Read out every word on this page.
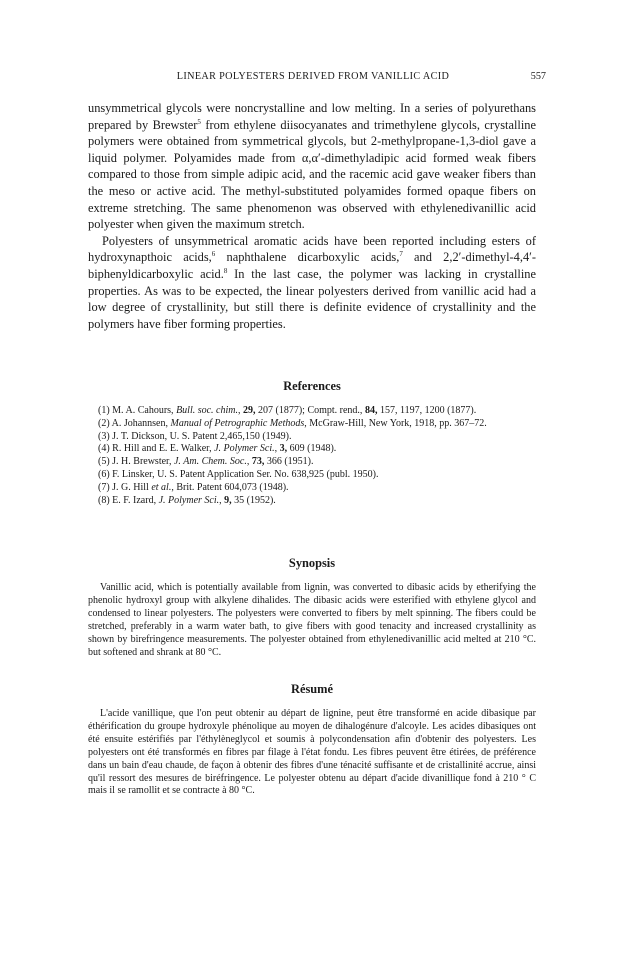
LINEAR POLYESTERS DERIVED FROM VANILLIC ACID	557

unsymmetrical glycols were noncrystalline and low melting. In a series of polyurethans prepared by Brewster$^5$ from ethylene diisocyanates and trimethylene glycols, crystalline polymers were obtained from symmetrical glycols, but 2-methylpropane-1,3-diol gave a liquid polymer. Polyamides made from α,α′-dimethyladipic acid formed weak fibers compared to those from simple adipic acid, and the racemic acid gave weaker fibers than the meso or active acid. The methyl-substituted polyamides formed opaque fibers on extreme stretching. The same phenomenon was observed with ethylenedivanillic acid polyester when given the maximum stretch.

Polyesters of unsymmetrical aromatic acids have been reported including esters of hydroxynapthoic acids,$^6$ naphthalene dicarboxylic acids,$^7$ and 2,2′-dimethyl-4,4′-biphenyldicarboxylic acid.$^8$ In the last case, the polymer was lacking in crystalline properties. As was to be expected, the linear polyesters derived from vanillic acid had a low degree of crystallinity, but still there is definite evidence of crystallinity and the polymers have fiber forming properties.

References

(1) M. A. Cahours, Bull. soc. chim., 29, 207 (1877); Compt. rend., 84, 157, 1197, 1200 (1877).

(2) A. Johannsen, Manual of Petrographic Methods, McGraw-Hill, New York, 1918, pp. 367–72.

(3) J. T. Dickson, U. S. Patent 2,465,150 (1949).

(4) R. Hill and E. E. Walker, J. Polymer Sci., 3, 609 (1948).

(5) J. H. Brewster, J. Am. Chem. Soc., 73, 366 (1951).

(6) F. Linsker, U. S. Patent Application Ser. No. 638,925 (publ. 1950).

(7) J. G. Hill et al., Brit. Patent 604,073 (1948).

(8) E. F. Izard, J. Polymer Sci., 9, 35 (1952).

Synopsis

Vanillic acid, which is potentially available from lignin, was converted to dibasic acids by etherifying the phenolic hydroxyl group with alkylene dihalides. The dibasic acids were esterified with ethylene glycol and condensed to linear polyesters. The polyesters were converted to fibers by melt spinning. The fibers could be stretched, preferably in a warm water bath, to give fibers with good tenacity and increased crystallinity as shown by birefringence measurements. The polyester obtained from ethylenedivanillic acid melted at 210 °C. but softened and shrank at 80 °C.

Résumé

L'acide vanillique, que l'on peut obtenir au départ de lignine, peut être transformé en acide dibasique par éthérification du groupe hydroxyle phénolique au moyen de dihalogénure d'alcoyle. Les acides dibasiques ont été ensuite estérifiés par l'éthylèneglycol et soumis à polycondensation afin d'obtenir des polyesters. Les polyesters ont été transformés en fibres par filage à l'état fondu. Les fibres peuvent être étirées, de préférence dans un bain d'eau chaude, de façon à obtenir des fibres d'une ténacité suffisante et de cristallinité accrue, ainsi qu'il ressort des mesures de biréfringence. Le polyester obtenu au départ d'acide divanillique fond à 210 ° C mais il se ramollit et se contracte à 80 °C.
